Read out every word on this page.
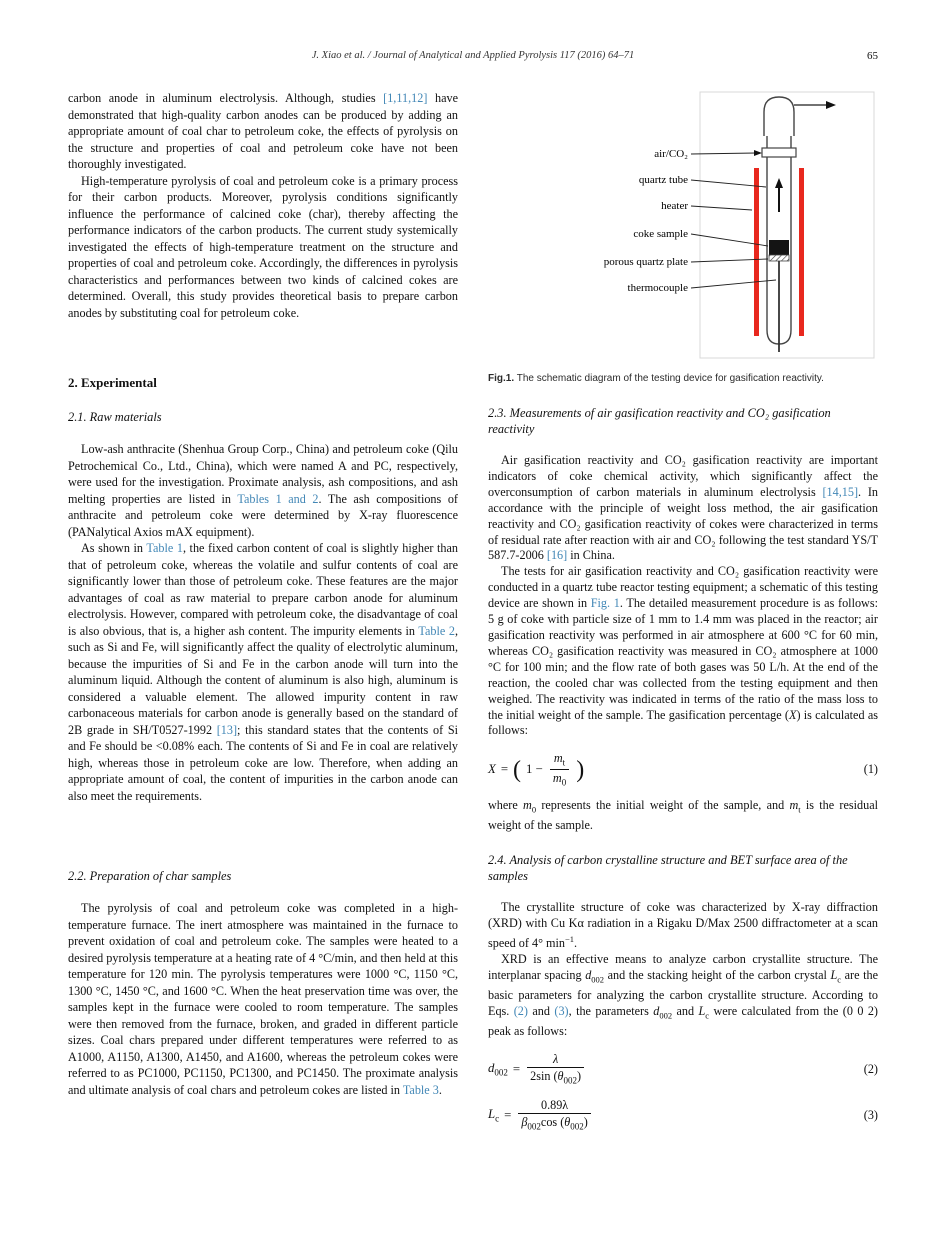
J. Xiao et al. / Journal of Analytical and Applied Pyrolysis 117 (2016) 64–71	65

carbon anode in aluminum electrolysis. Although, studies [1,11,12] have demonstrated that high-quality carbon anodes can be produced by adding an appropriate amount of coal char to petroleum coke, the effects of pyrolysis on the structure and properties of coal and petroleum coke have not been thoroughly investigated.

High-temperature pyrolysis of coal and petroleum coke is a primary process for their carbon products. Moreover, pyrolysis conditions significantly influence the performance of calcined coke (char), thereby affecting the performance indicators of the carbon products. The current study systemically investigated the effects of high-temperature treatment on the structure and properties of coal and petroleum coke. Accordingly, the differences in pyrolysis characteristics and performances between two kinds of calcined cokes are determined. Overall, this study provides theoretical basis to prepare carbon anodes by substituting coal for petroleum coke.

2. Experimental
2.1. Raw materials

Low-ash anthracite (Shenhua Group Corp., China) and petroleum coke (Qilu Petrochemical Co., Ltd., China), which were named A and PC, respectively, were used for the investigation. Proximate analysis, ash compositions, and ash melting properties are listed in Tables 1 and 2. The ash compositions of anthracite and petroleum coke were determined by X-ray fluorescence (PANalytical Axios mAX equipment).

As shown in Table 1, the fixed carbon content of coal is slightly higher than that of petroleum coke, whereas the volatile and sulfur contents of coal are significantly lower than those of petroleum coke. These features are the major advantages of coal as raw material to prepare carbon anode for aluminum electrolysis. However, compared with petroleum coke, the disadvantage of coal is also obvious, that is, a higher ash content. The impurity elements in Table 2, such as Si and Fe, will significantly affect the quality of electrolytic aluminum, because the impurities of Si and Fe in the carbon anode will turn into the aluminum liquid. Although the content of aluminum is also high, aluminum is considered a valuable element. The allowed impurity content in raw carbonaceous materials for carbon anode is generally based on the standard of 2B grade in SH/T0527-1992 [13]; this standard states that the contents of Si and Fe should be <0.08% each. The contents of Si and Fe in coal are relatively high, whereas those in petroleum coke are low. Therefore, when adding an appropriate amount of coal, the content of impurities in the carbon anode can also meet the requirements.

2.2. Preparation of char samples

The pyrolysis of coal and petroleum coke was completed in a high-temperature furnace. The inert atmosphere was maintained in the furnace to prevent oxidation of coal and petroleum coke. The samples were heated to a desired pyrolysis temperature at a heating rate of 4 °C/min, and then held at this temperature for 120 min. The pyrolysis temperatures were 1000 °C, 1150 °C, 1300 °C, 1450 °C, and 1600 °C. When the heat preservation time was over, the samples kept in the furnace were cooled to room temperature. The samples were then removed from the furnace, broken, and graded in different particle sizes. Coal chars prepared under different temperatures were referred to as A1000, A1150, A1300, A1450, and A1600, whereas the petroleum cokes were referred to as PC1000, PC1150, PC1300, and PC1450. The proximate analysis and ultimate analysis of coal chars and petroleum cokes are listed in Table 3.

air/CO₂
quartz tube
heater
coke sample
porous quartz plate
thermocouple
Fig.1. The schematic diagram of the testing device for gasification reactivity.
2.3. Measurements of air gasification reactivity and CO₂ gasification reactivity

Air gasification reactivity and CO₂ gasification reactivity are important indicators of coke chemical activity, which significantly affect the overconsumption of carbon materials in aluminum electrolysis [14,15]. In accordance with the principle of weight loss method, the air gasification reactivity and CO₂ gasification reactivity of cokes were characterized in terms of residual rate after reaction with air and CO₂ following the test standard YS/T 587.7-2006 [16] in China.

The tests for air gasification reactivity and CO₂ gasification reactivity were conducted in a quartz tube reactor testing equipment; a schematic of this testing device are shown in Fig. 1. The detailed measurement procedure is as follows: 5 g of coke with particle size of 1 mm to 1.4 mm was placed in the reactor; air gasification reactivity was performed in air atmosphere at 600 °C for 60 min, whereas CO₂ gasification reactivity was measured in CO₂ atmosphere at 1000 °C for 100 min; and the flow rate of both gases was 50 L/h. At the end of the reaction, the cooled char was collected from the testing equipment and then weighed. The reactivity was indicated in terms of the ratio of the mass loss to the initial weight of the sample. The gasification percentage (X) is calculated as follows:

X = ( $1 - \frac{m_t}{m_0}$ )	(1)

where $m_0$ represents the initial weight of the sample, and $m_t$ is the residual weight of the sample.

2.4. Analysis of carbon crystalline structure and BET surface area of the samples

The crystallite structure of coke was characterized by X-ray diffraction (XRD) with Cu Kα radiation in a Rigaku D/Max 2500 diffractometer at a scan speed of 4° $\min^{-1}$.

XRD is an effective means to analyze carbon crystallite structure. The interplanar spacing $d_{002}$ and the stacking height of the carbon crystal $L_c$ are the basic parameters for analyzing the carbon crystallite structure. According to Eqs. (2) and (3), the parameters $d_{002}$ and $L_c$ were calculated from the (0 0 2) peak as follows:

$d_{002} = \frac{\lambda}{2\sin (\theta_{002})}$	(2)
$L_c = \frac{0.89\lambda}{\beta_{002}\cos (\theta_{002})}$	(3)
